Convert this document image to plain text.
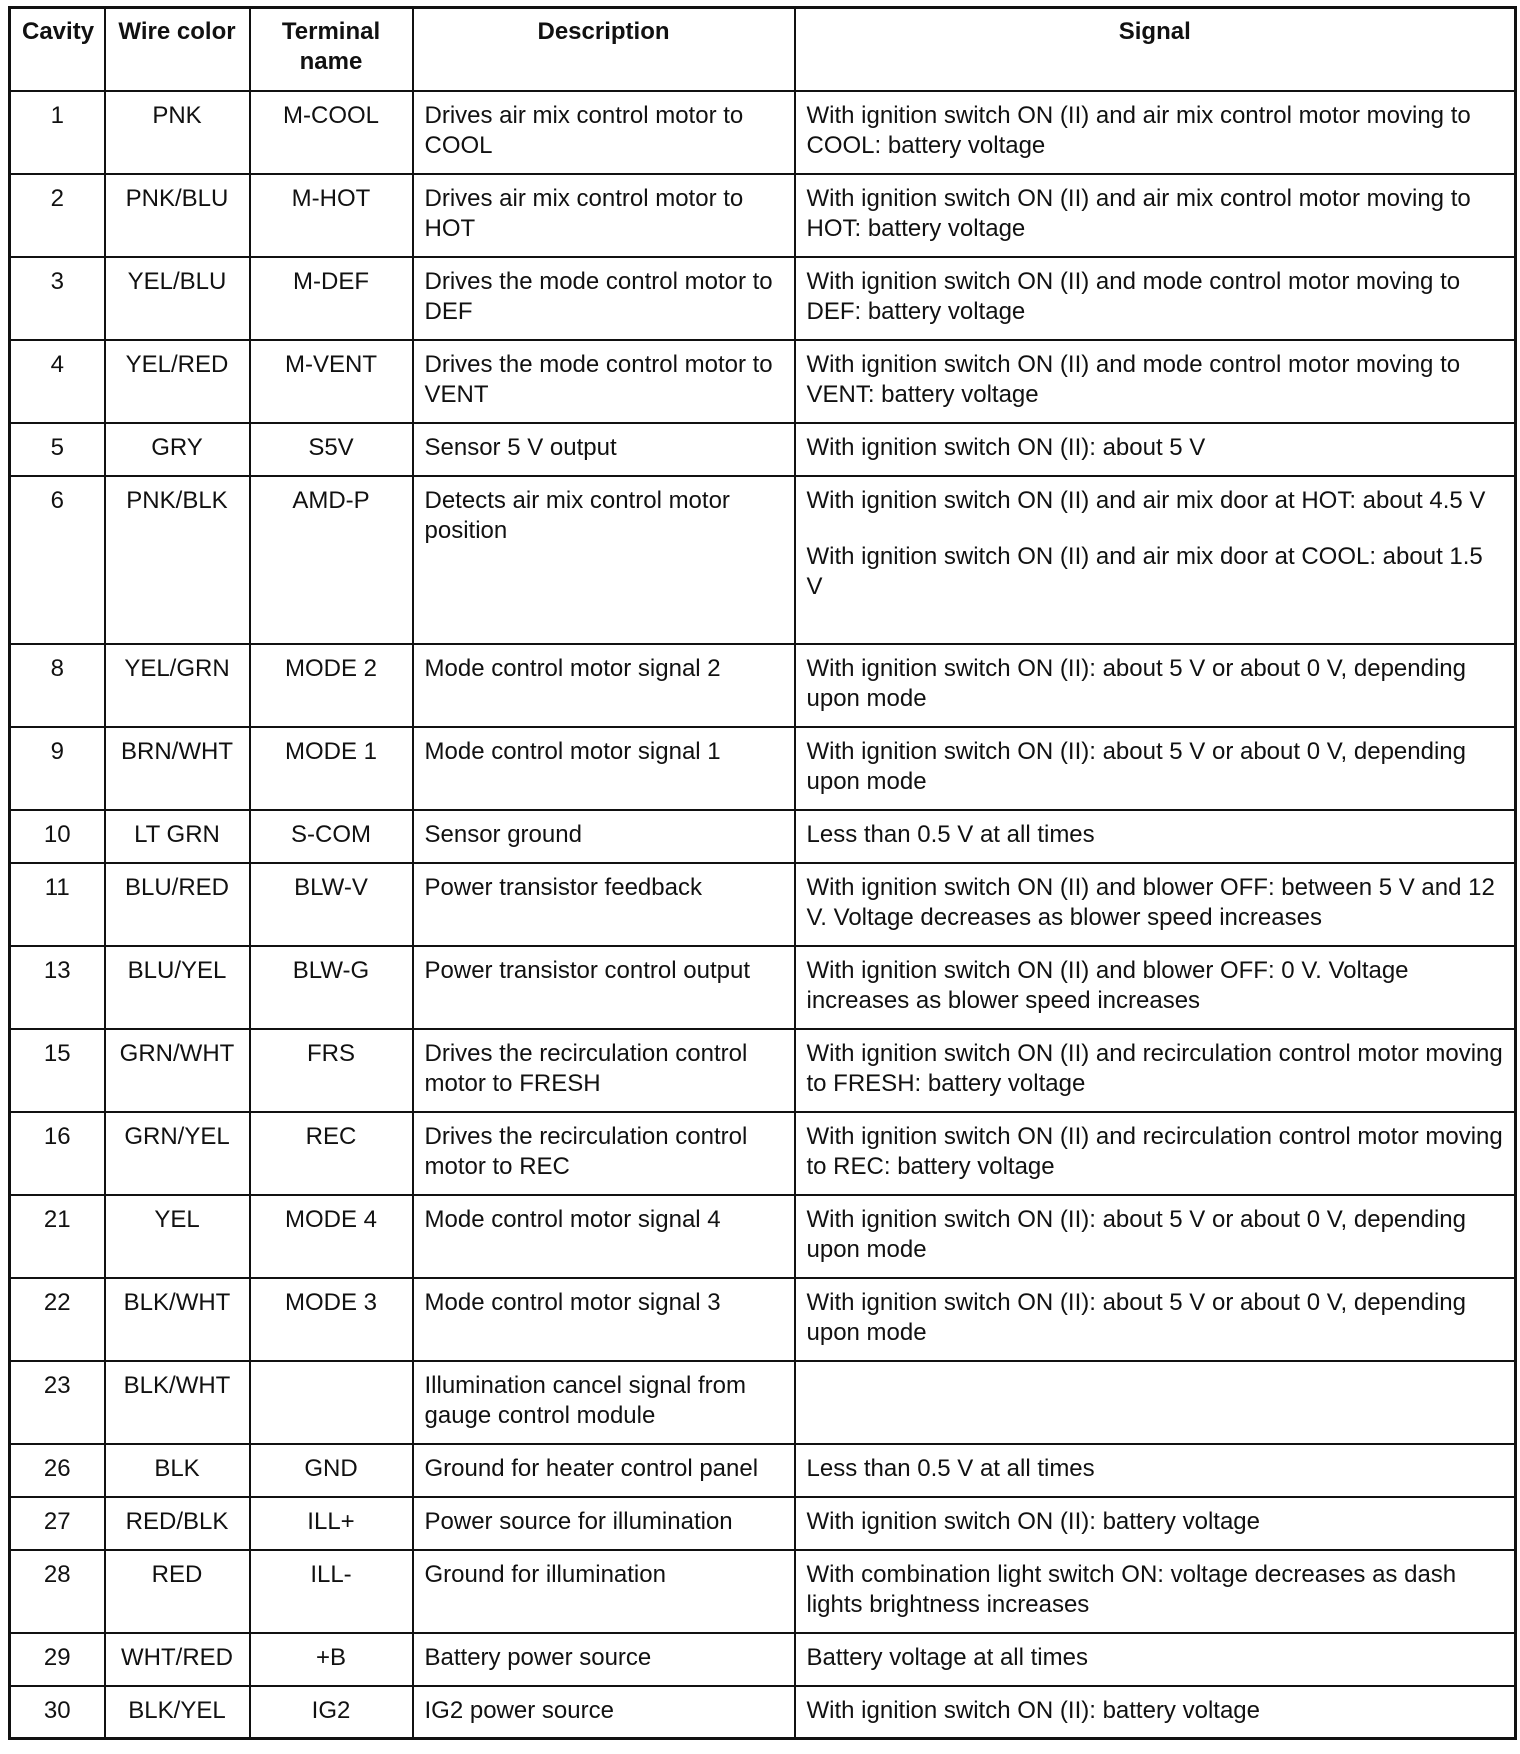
Cavity	Wire color	Terminal name	Description	Signal
1	PNK	M-COOL	Drives air mix control motor to COOL	With ignition switch ON (II) and air mix control motor moving to COOL: battery voltage

2	PNK/BLU	M-HOT	Drives air mix control motor to HOT	With ignition switch ON (II) and air mix control motor moving to HOT: battery voltage

3	YEL/BLU	M-DEF	Drives the mode control motor to DEF	With ignition switch ON (II) and mode control motor moving to DEF: battery voltage

4	YEL/RED	M-VENT	Drives the mode control motor to VENT	With ignition switch ON (II) and mode control motor moving to VENT: battery voltage

5	GRY	S5V	Sensor 5 V output	With ignition switch ON (II): about 5 V

6	PNK/BLK	AMD-P	Detects air mix control motor position	With ignition switch ON (II) and air mix door at HOT: about 4.5 V
With ignition switch ON (II) and air mix door at COOL: about 1.5 V

8	YEL/GRN	MODE 2	Mode control motor signal 2	With ignition switch ON (II): about 5 V or about 0 V, depending upon mode

9	BRN/WHT	MODE 1	Mode control motor signal 1	With ignition switch ON (II): about 5 V or about 0 V, depending upon mode

10	LT GRN	S-COM	Sensor ground	Less than 0.5 V at all times

11	BLU/RED	BLW-V	Power transistor feedback	With ignition switch ON (II) and blower OFF: between 5 V and 12 V. Voltage decreases as blower speed increases

13	BLU/YEL	BLW-G	Power transistor control output	With ignition switch ON (II) and blower OFF: 0 V. Voltage increases as blower speed increases

15	GRN/WHT	FRS	Drives the recirculation control motor to FRESH	With ignition switch ON (II) and recirculation control motor moving to FRESH: battery voltage

16	GRN/YEL	REC	Drives the recirculation control motor to REC	With ignition switch ON (II) and recirculation control motor moving to REC: battery voltage

21	YEL	MODE 4	Mode control motor signal 4	With ignition switch ON (II): about 5 V or about 0 V, depending upon mode

22	BLK/WHT	MODE 3	Mode control motor signal 3	With ignition switch ON (II): about 5 V or about 0 V, depending upon mode

23	BLK/WHT		Illumination cancel signal from gauge control module	

26	BLK	GND	Ground for heater control panel	Less than 0.5 V at all times

27	RED/BLK	ILL+	Power source for illumination	With ignition switch ON (II): battery voltage

28	RED	ILL-	Ground for illumination	With combination light switch ON: voltage decreases as dash lights brightness increases

29	WHT/RED	+B	Battery power source	Battery voltage at all times

30	BLK/YEL	IG2	IG2 power source	With ignition switch ON (II): battery voltage
